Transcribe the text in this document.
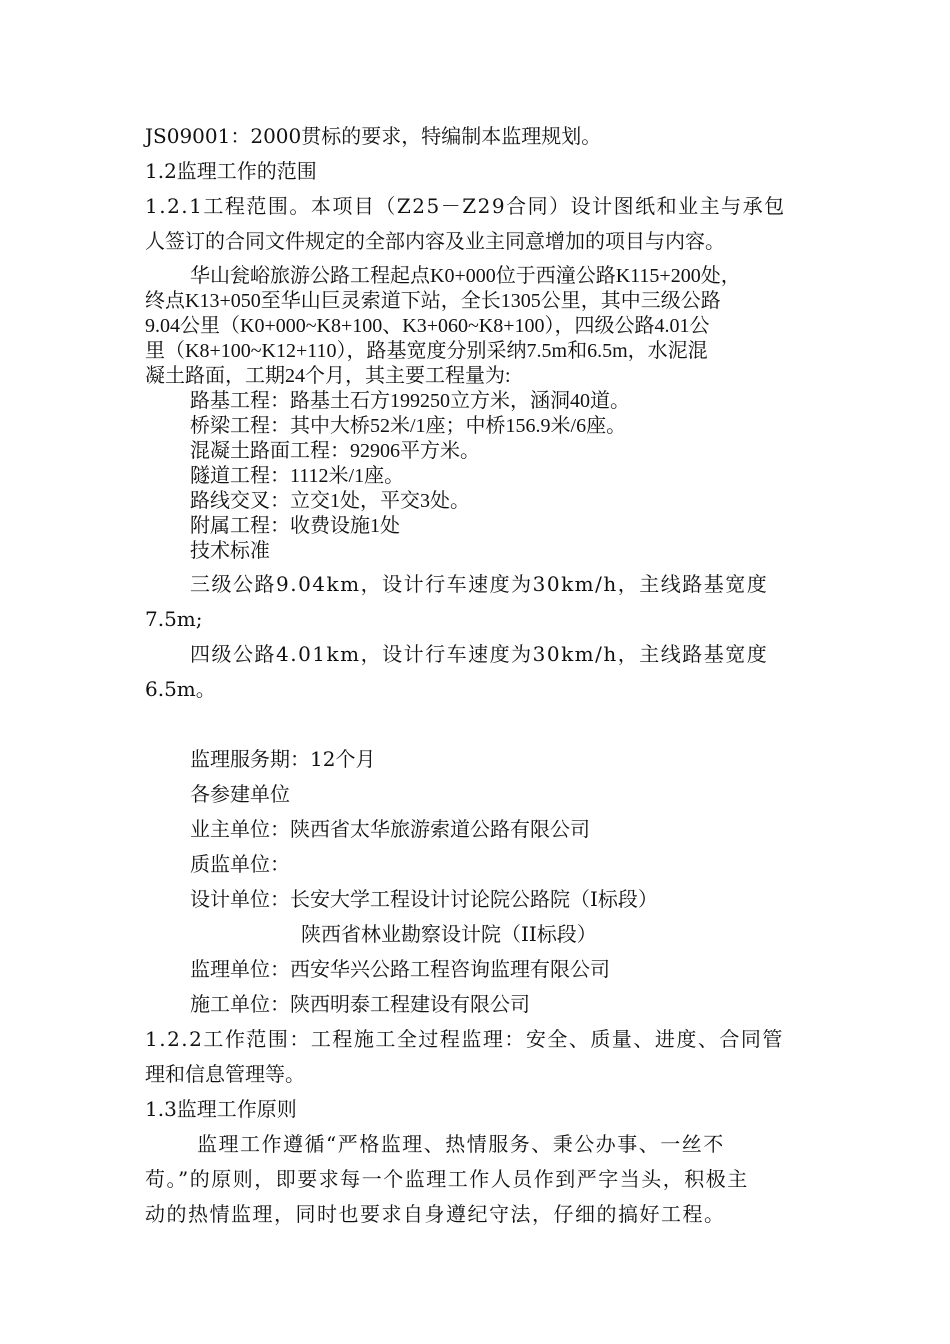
JS09001：2000贯标的要求，特编制本监理规划。
1.2监理工作的范围
1.2.1工程范围。本项目（Z25－Z29合同）设计图纸和业主与承包
人签订的合同文件规定的全部内容及业主同意增加的项目与内容。
华山瓮峪旅游公路工程起点K0+000位于西潼公路K115+200处，
终点K13+050至华山巨灵索道下站，全长1305公里，其中三级公路
9.04公里（K0+000~K8+100、K3+060~K8+100），四级公路4.01公
里（K8+100~K12+110），路基宽度分别采纳7.5m和6.5m，水泥混
凝土路面，工期24个月，其主要工程量为:
路基工程：路基土石方199250立方米，涵洞40道。
桥梁工程：其中大桥52米/1座；中桥156.9米/6座。
混凝土路面工程：92906平方米。
隧道工程：1112米/1座。
路线交叉：立交1处，平交3处。
附属工程：收费设施1处
技术标准
三级公路9.04km，设计行车速度为30km/h，主线路基宽度
7.5m;
四级公路4.01km，设计行车速度为30km/h，主线路基宽度
6.5m。
监理服务期：12个月
各参建单位
业主单位：陕西省太华旅游索道公路有限公司
质监单位：
设计单位：长安大学工程设计讨论院公路院（I标段）
陕西省林业勘察设计院（II标段）
监理单位：西安华兴公路工程咨询监理有限公司
施工单位：陕西明泰工程建设有限公司
1.2.2工作范围：工程施工全过程监理：安全、质量、进度、合同管
理和信息管理等。
1.3监理工作原则
监理工作遵循“严格监理、热情服务、秉公办事、一丝不
苟。”的原则，即要求每一个监理工作人员作到严字当头，积极主
动的热情监理，同时也要求自身遵纪守法，仔细的搞好工程。
